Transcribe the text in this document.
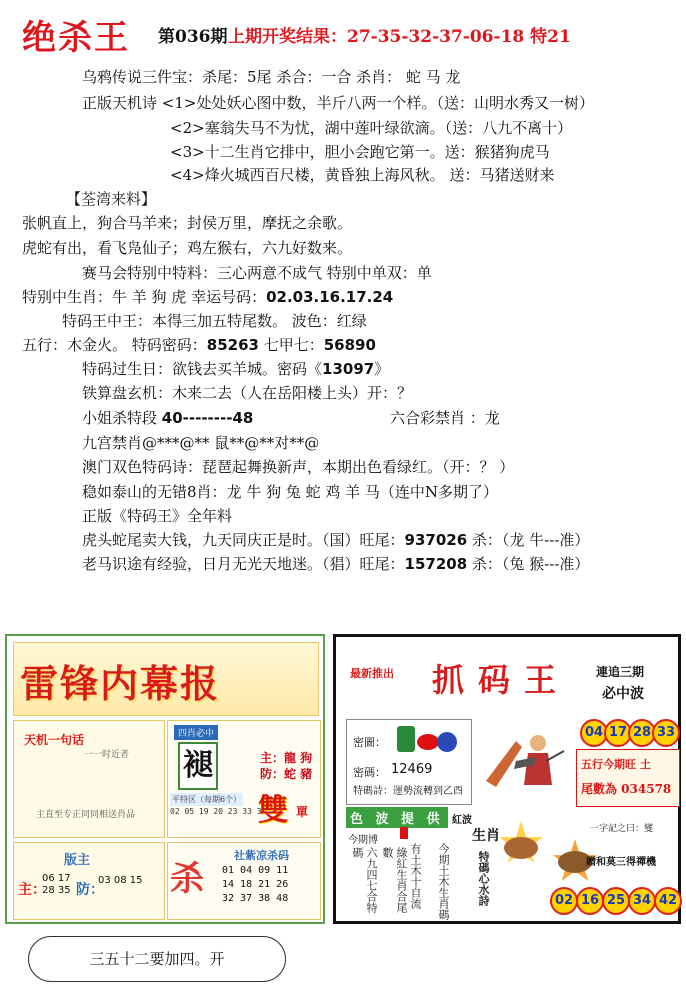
绝杀王 第036期 上期开奖结果：27-35-32-37-06-18 特21
乌鸦传说三件宝：杀尾：5尾 杀合：一合 杀肖： 蛇 马 龙
正版天机诗 <1>处处妖心图中数，半斤八两一个样。（送：山明水秀又一树）
<2>塞翁失马不为忧，湖中莲叶绿欲滴。（送：八九不离十）
<3>十二生肖它排中，胆小会跑它第一。送：猴猪狗虎马
<4>烽火城西百尺楼，黄昏独上海风秋。 送：马猪送财来
【荃湾来料】
张帆直上，狗合马羊来；封侯万里，摩抚之余歌。
虎蛇有出，看飞凫仙子；鸡左猴右，六九好数来。
赛马会特别中特料：三心两意不成气 特别中单双：单
特别中生肖：牛 羊 狗 虎 幸运号码：02.03.16.17.24
特码王中王：本得三加五特尾数。 波色：红绿
五行：木金火。 特码密码：85263 七甲七：56890
特码过生日：欲钱去买羊城。密码《13097》
铁算盘玄机：木来二去（人在岳阳楼上头）开：？
小姐杀特段 40--------48	六合彩禁肖 ：龙
九宫禁肖@***@** 鼠**@**对**@
澳门双色特码诗：琵琶起舞换新声，本期出色看绿红。（开：？ ）
稳如泰山的无错8肖：龙 牛 狗 兔 蛇 鸡 羊 马（连中N多期了）
正版《特码王》全年料
虎头蛇尾卖大钱，九天同庆正是时。（国）旺尾：937026 杀：（龙 牛---准）
老马识途有经验，日月无光天地迷。（猖）旺尾：157208 杀：（兔 猴---准）
雷锋内幕报
天机一句话
一一时近者
主直至专正同同相送肖品
四肖必中
主：龍 狗
防：蛇 豬
平特区（每期6个）
02 05 19 20 23 33 36 45
雙 單
版主
主：
06 17
28 35 防：
03 08 15 杀
社紫凉杀码
01 04 09 11
14 18 21 26
32 37 38 48
褪
最新推出 抓码王 連追三期
必中波
密圖：
密碼： 12469
特碼詩：運勢流轉到乙酉
04 17 28 33
五行今期旺 土
尾數為 034578
色 波 提 供 紅波
今期博
六九四七合特碼	綠紅生肖合尾數	有土木十自流 今期土木生肖碼
生肖
特碼心水詩
一字記之曰：燮
贈和莫三得禪機
02 16 25 34 42
三五十二要加四。开
